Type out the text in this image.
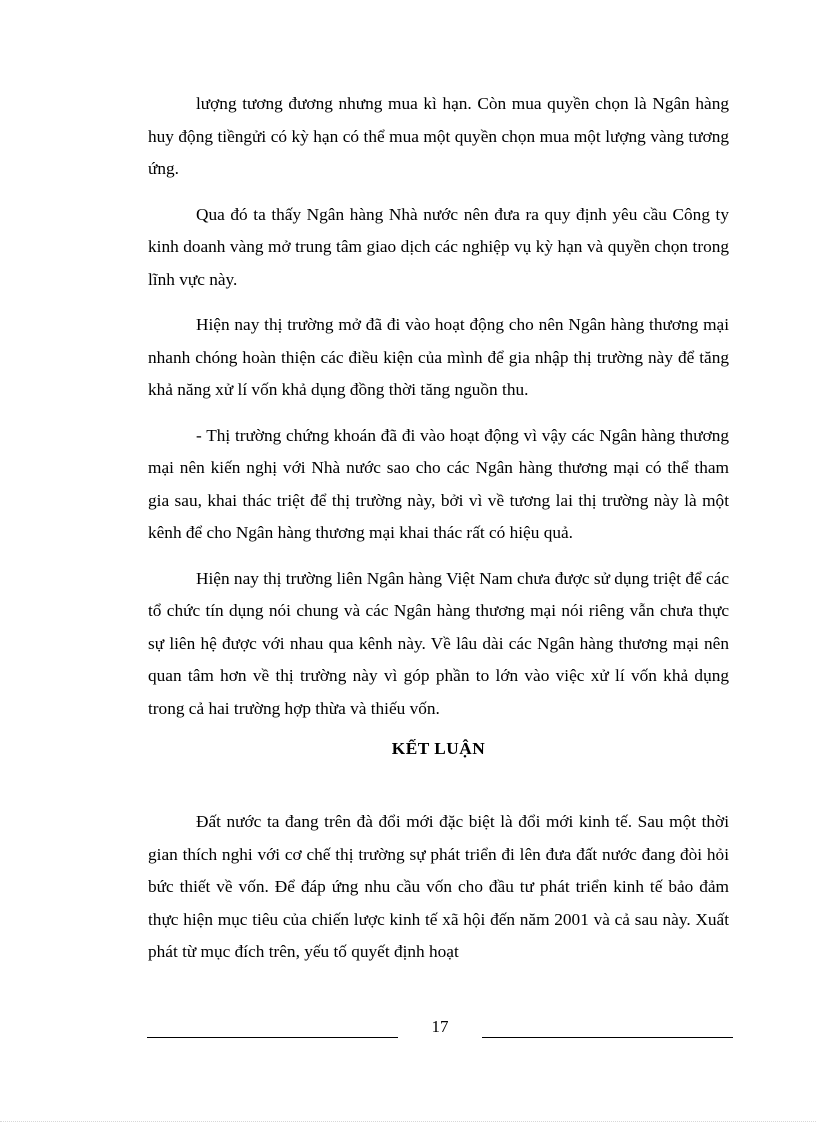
lượng tương đương nhưng mua kì hạn. Còn mua quyền chọn là Ngân hàng huy động tiềngửi có kỳ hạn có thể mua một quyền chọn mua một lượng vàng tương ứng.

Qua đó ta thấy Ngân hàng Nhà nước nên đưa ra quy định yêu cầu Công ty kinh doanh vàng mở trung tâm giao dịch các nghiệp vụ kỳ hạn và quyền chọn trong lĩnh vực này.

Hiện nay thị trường mở đã đi vào hoạt động cho nên Ngân hàng thương mại nhanh chóng hoàn thiện các điều kiện của mình để gia nhập thị trường này để tăng khả năng xử lí vốn khả dụng đồng thời tăng nguồn thu.

- Thị trường chứng khoán đã đi vào hoạt động vì vậy các Ngân hàng thương mại nên kiến nghị với Nhà nước sao cho các Ngân hàng thương mại có thể tham gia sau, khai thác triệt để thị trường này, bởi vì về tương lai thị trường này là một kênh để cho Ngân hàng thương mại khai thác rất có hiệu quả.

Hiện nay thị trường liên Ngân hàng Việt Nam chưa được sử dụng triệt để các tổ chức tín dụng nói chung và các Ngân hàng thương mại nói riêng vẫn chưa thực sự liên hệ được với nhau qua kênh này. Về lâu dài các Ngân hàng thương mại nên quan tâm hơn về thị trường này vì góp phần to lớn vào việc xử lí vốn khả dụng trong cả hai trường hợp thừa và thiếu vốn.

KẾT LUẬN

Đất nước ta đang trên đà đổi mới đặc biệt là đổi mới kinh tế. Sau một thời gian thích nghi với cơ chế thị trường sự phát triển đi lên đưa đất nước đang đòi hỏi bức thiết về vốn. Để đáp ứng nhu cầu vốn cho đầu tư phát triển kinh tế bảo đảm thực hiện mục tiêu của chiến lược kinh tế xã hội đến năm 2001 và cả sau này. Xuất phát từ mục đích trên, yếu tố quyết định hoạt

17
